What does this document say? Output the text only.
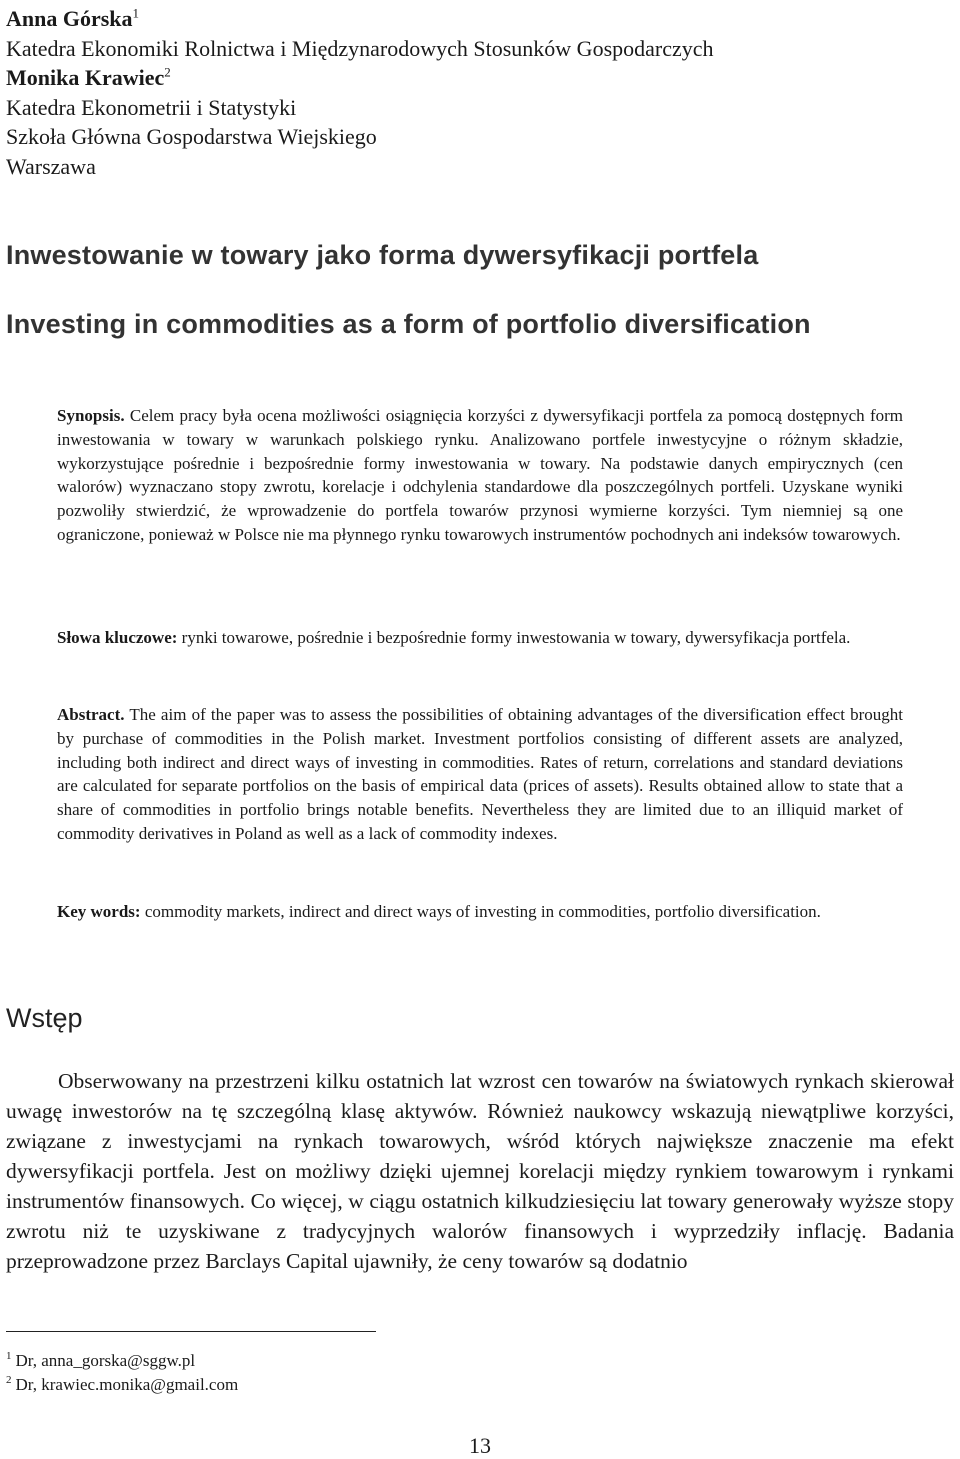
Anna Górska$^1$
Katedra Ekonomiki Rolnictwa i Międzynarodowych Stosunków Gospodarczych
Monika Krawiec$^2$
Katedra Ekonometrii i Statystyki
Szkoła Główna Gospodarstwa Wiejskiego
Warszawa
Inwestowanie w towary jako forma dywersyfikacji portfela
Investing in commodities as a form of portfolio diversification
Synopsis. Celem pracy była ocena możliwości osiągnięcia korzyści z dywersyfikacji portfela za pomocą dostępnych form inwestowania w towary w warunkach polskiego rynku. Analizowano portfele inwestycyjne o różnym składzie, wykorzystujące pośrednie i bezpośrednie formy inwestowania w towary. Na podstawie danych empirycznych (cen walorów) wyznaczano stopy zwrotu, korelacje i odchylenia standardowe dla poszczególnych portfeli. Uzyskane wyniki pozwoliły stwierdzić, że wprowadzenie do portfela towarów przynosi wymierne korzyści. Tym niemniej są one ograniczone, ponieważ w Polsce nie ma płynnego rynku towarowych instrumentów pochodnych ani indeksów towarowych.
Słowa kluczowe: rynki towarowe, pośrednie i bezpośrednie formy inwestowania w towary, dywersyfikacja portfela.
Abstract. The aim of the paper was to assess the possibilities of obtaining advantages of the diversification effect brought by purchase of commodities in the Polish market. Investment portfolios consisting of different assets are analyzed, including both indirect and direct ways of investing in commodities. Rates of return, correlations and standard deviations are calculated for separate portfolios on the basis of empirical data (prices of assets). Results obtained allow to state that a share of commodities in portfolio brings notable benefits. Nevertheless they are limited due to an illiquid market of commodity derivatives in Poland as well as a lack of commodity indexes.
Key words: commodity markets, indirect and direct ways of investing in commodities, portfolio diversification.
Wstęp
Obserwowany na przestrzeni kilku ostatnich lat wzrost cen towarów na światowych rynkach skierował uwagę inwestorów na tę szczególną klasę aktywów. Również naukowcy wskazują niewątpliwe korzyści, związane z inwestycjami na rynkach towarowych, wśród których największe znaczenie ma efekt dywersyfikacji portfela. Jest on możliwy dzięki ujemnej korelacji między rynkiem towarowym i rynkami instrumentów finansowych. Co więcej, w ciągu ostatnich kilkudziesięciu lat towary generowały wyższe stopy zwrotu niż te uzyskiwane z tradycyjnych walorów finansowych i wyprzedziły inflację. Badania przeprowadzone przez Barclays Capital ujawniły, że ceny towarów są dodatnio
$^1$ Dr, anna_gorska@sggw.pl
$^2$ Dr, krawiec.monika@gmail.com
13
